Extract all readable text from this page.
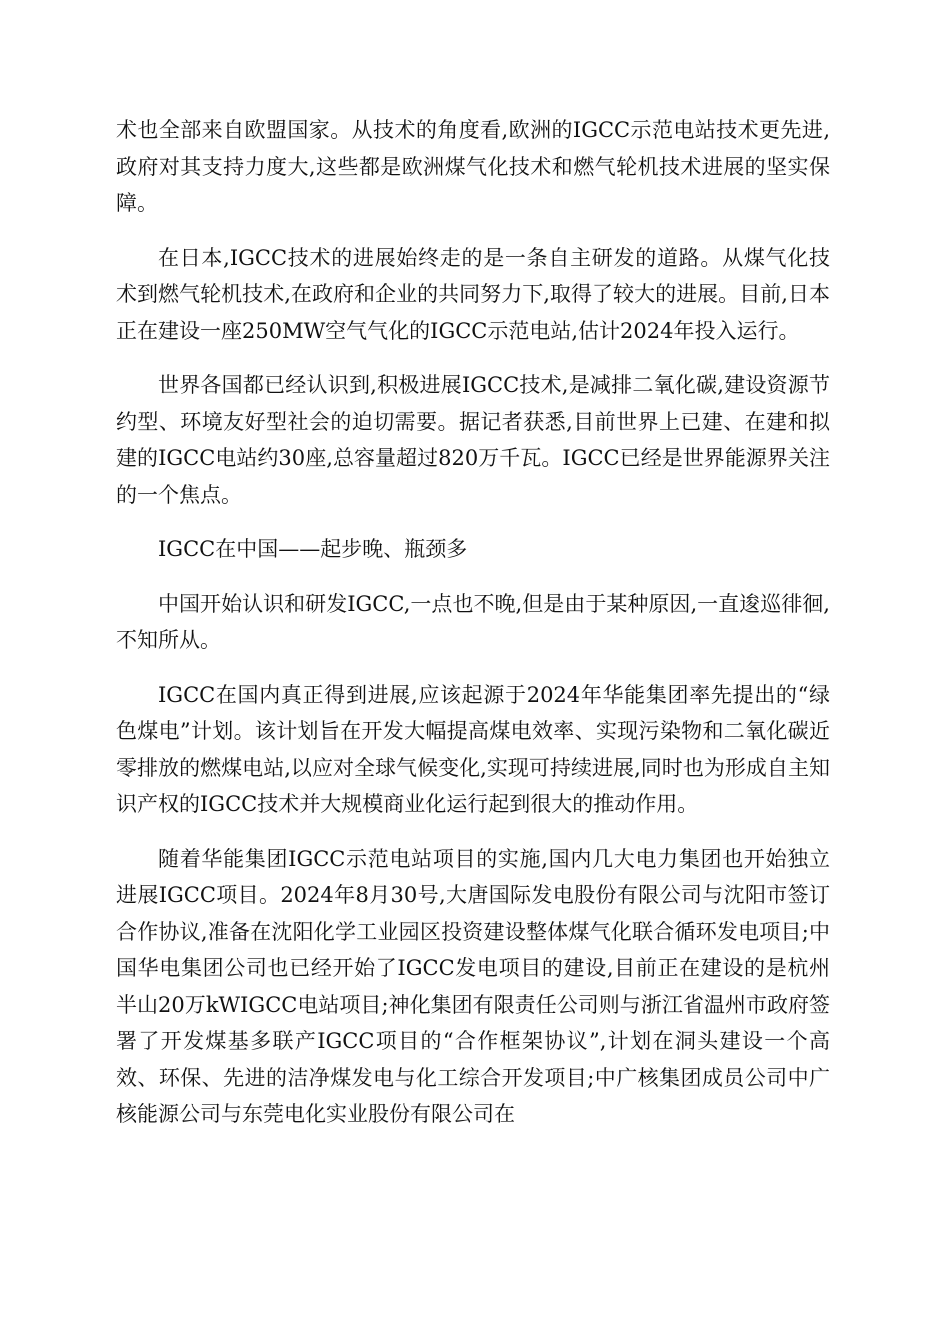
术也全部来自欧盟国家。从技术的角度看,欧洲的IGCC示范电站技术更先进,政府对其支持力度大,这些都是欧洲煤气化技术和燃气轮机技术进展的坚实保障。

在日本,IGCC技术的进展始终走的是一条自主研发的道路。从煤气化技术到燃气轮机技术,在政府和企业的共同努力下,取得了较大的进展。目前,日本正在建设一座250MW空气气化的IGCC示范电站,估计2024年投入运行。

世界各国都已经认识到,积极进展IGCC技术,是减排二氧化碳,建设资源节约型、环境友好型社会的迫切需要。据记者获悉,目前世界上已建、在建和拟建的IGCC电站约30座,总容量超过820万千瓦。IGCC已经是世界能源界关注的一个焦点。

IGCC在中国——起步晚、瓶颈多

中国开始认识和研发IGCC,一点也不晚,但是由于某种原因,一直逡巡徘徊,不知所从。

IGCC在国内真正得到进展,应该起源于2024年华能集团率先提出的“绿色煤电”计划。该计划旨在开发大幅提高煤电效率、实现污染物和二氧化碳近零排放的燃煤电站,以应对全球气候变化,实现可持续进展,同时也为形成自主知识产权的IGCC技术并大规模商业化运行起到很大的推动作用。

随着华能集团IGCC示范电站项目的实施,国内几大电力集团也开始独立进展IGCC项目。2024年8月30号,大唐国际发电股份有限公司与沈阳市签订合作协议,准备在沈阳化学工业园区投资建设整体煤气化联合循环发电项目;中国华电集团公司也已经开始了IGCC发电项目的建设,目前正在建设的是杭州半山20万kWIGCC电站项目;神化集团有限责任公司则与浙江省温州市政府签署了开发煤基多联产IGCC项目的“合作框架协议”,计划在洞头建设一个高效、环保、先进的洁净煤发电与化工综合开发项目;中广核集团成员公司中广核能源公司与东莞电化实业股份有限公司在
